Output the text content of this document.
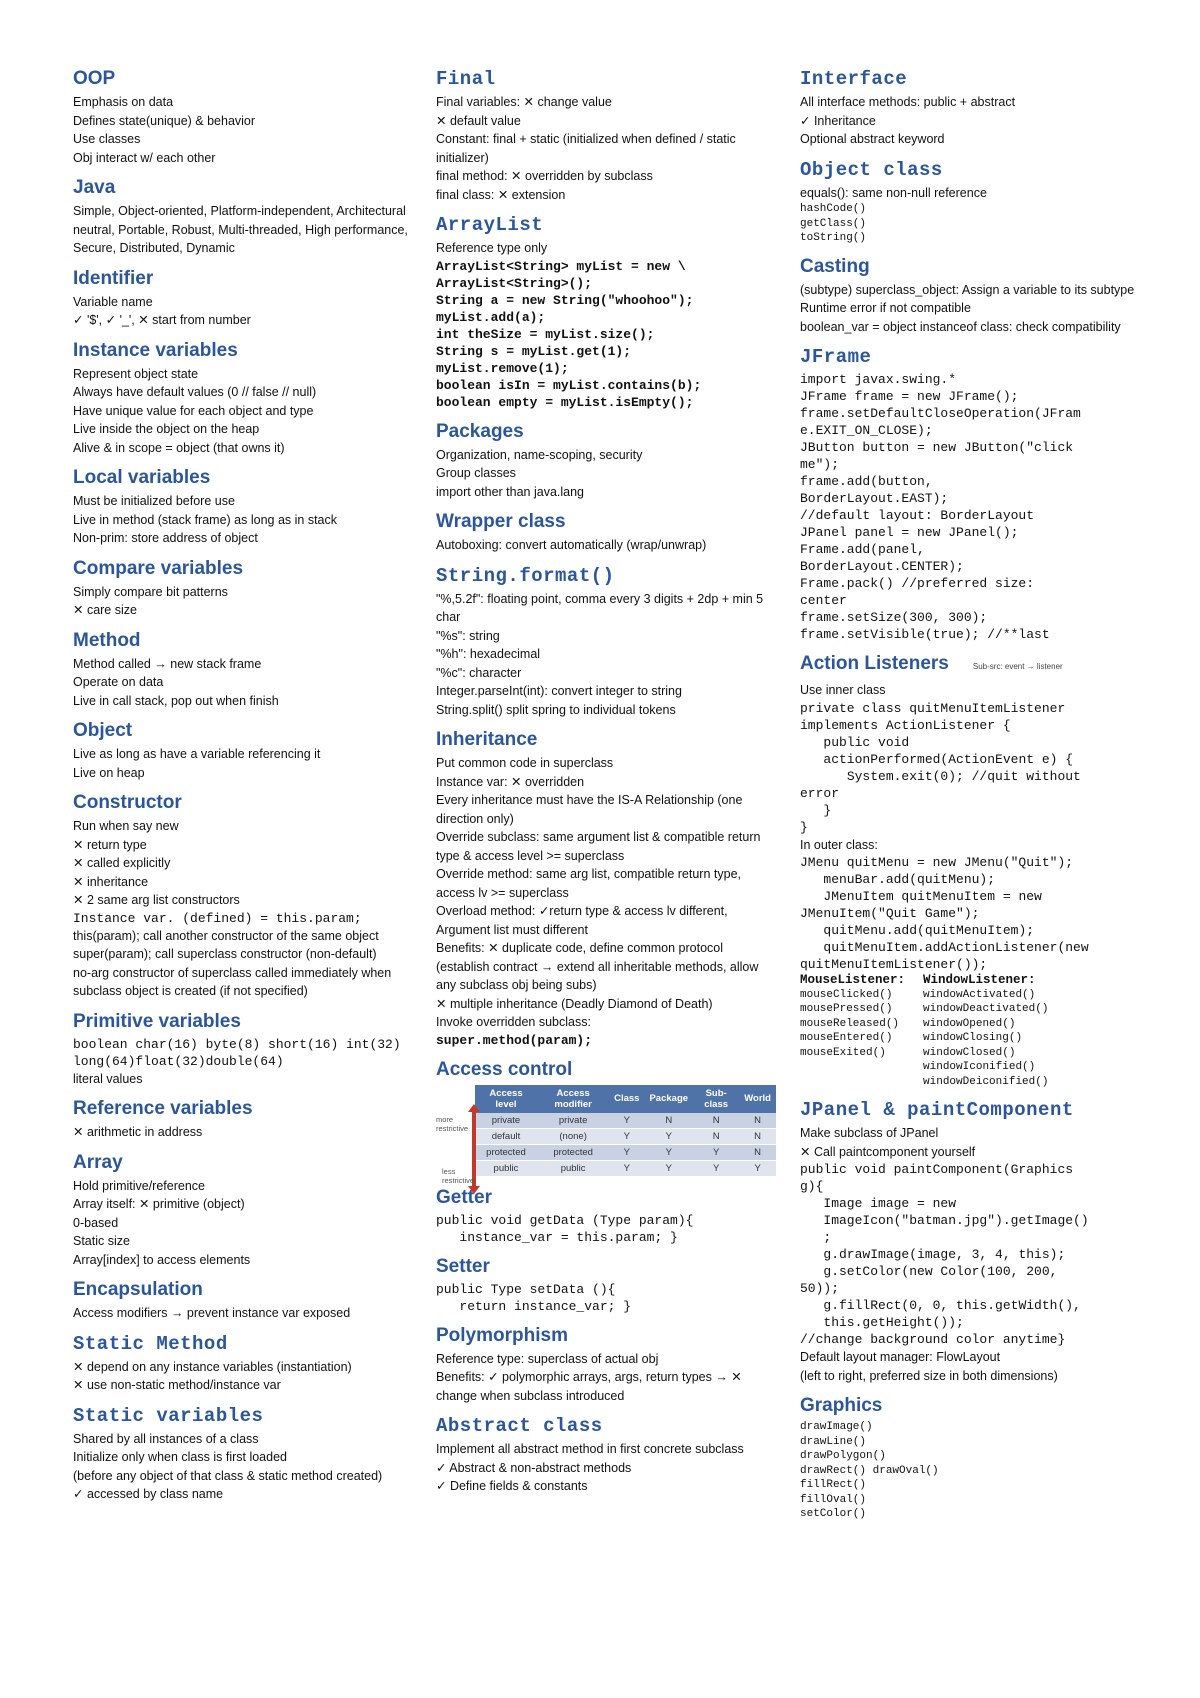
OOP
Emphasis on data
Defines state(unique) & behavior
Use classes
Obj interact w/ each other
Java
Simple, Object-oriented, Platform-independent, Architectural neutral, Portable, Robust, Multi-threaded, High performance, Secure, Distributed, Dynamic
Identifier
Variable name
✓ '$', ✓ '_', ✕ start from number
Instance variables
Represent object state
Always have default values (0 // false // null)
Have unique value for each object and type
Live inside the object on the heap
Alive & in scope = object (that owns it)
Local variables
Must be initialized before use
Live in method (stack frame) as long as in stack
Non-prim: store address of object
Compare variables
Simply compare bit patterns
✕ care size
Method
Method called → new stack frame
Operate on data
Live in call stack, pop out when finish
Object
Live as long as have a variable referencing it
Live on heap
Constructor
Run when say new
✕ return type
✕ called explicitly
✕ inheritance
✕ 2 same arg list constructors
Instance var. (defined) = this.param;
this(param); call another constructor of the same object
super(param); call superclass constructor (non-default)
no-arg constructor of superclass called immediately when subclass object is created (if not specified)
Primitive variables
boolean char(16) byte(8) short(16) int(32)
long(64)float(32)double(64)
literal values
Reference variables
✕ arithmetic in address
Array
Hold primitive/reference
Array itself: ✕ primitive (object)
0-based
Static size
Array[index] to access elements
Encapsulation
Access modifiers → prevent instance var exposed
Static Method
✕ depend on any instance variables (instantiation)
✕ use non-static method/instance var
Static variables
Shared by all instances of a class
Initialize only when class is first loaded
(before any object of that class & static method created)
✓ accessed by class name
Final
Final variables: ✕ change value
✕ default value
Constant: final + static (initialized when defined / static initializer)
final method: ✕ overridden by subclass
final class: ✕ extension
ArrayList
Reference type only
ArrayList<String> myList = new \
ArrayList<String>();
String a = new String("whoohoo");
myList.add(a);
int theSize = myList.size();
String s = myList.get(1);
myList.remove(1);
boolean isIn = myList.contains(b);
boolean empty = myList.isEmpty();
Packages
Organization, name-scoping, security
Group classes
import other than java.lang
Wrapper class
Autoboxing: convert automatically (wrap/unwrap)
String.format()
"%,5.2f": floating point, comma every 3 digits + 2dp + min 5 char
"%s": string
"%h": hexadecimal
"%c": character
Integer.parseInt(int): convert integer to string
String.split() split spring to individual tokens
Inheritance
Put common code in superclass
Instance var: ✕ overridden
Every inheritance must have the IS-A Relationship (one direction only)
Override subclass: same argument list & compatible return type & access level >= superclass
Override method: same arg list, compatible return type, access lv >= superclass
Overload method: ✓return type & access lv different, Argument list must different
Benefits: ✕ duplicate code, define common protocol (establish contract → extend all inheritable methods, allow any subclass obj being subs)
✕ multiple inheritance (Deadly Diamond of Death)
Invoke overridden subclass:
super.method(param);
Access control
more restrictive
less restrictive
Access level	Access modifier	Class	Package	Sub-class	World
private	private	Y	N	N	N
default	(none)	Y	Y	N	N
protected	protected	Y	Y	Y	N
public	public	Y	Y	Y	Y
Getter
public void getData (Type param){
instance_var = this.param; }
Setter
public Type setData (){
return instance_var; }
Polymorphism
Reference type: superclass of actual obj
Benefits: ✓ polymorphic arrays, args, return types → ✕ change when subclass introduced
Abstract class
Implement all abstract method in first concrete subclass
✓ Abstract & non-abstract methods
✓ Define fields & constants
Interface
All interface methods: public + abstract
✓ Inheritance
Optional abstract keyword
Object class
equals(): same non-null reference
hashCode()
getClass()
toString()
Casting
(subtype) superclass_object: Assign a variable to its subtype
Runtime error if not compatible
boolean_var = object instanceof class: check compatibility
JFrame
import javax.swing.*
JFrame frame = new JFrame();
frame.setDefaultCloseOperation(JFram
e.EXIT_ON_CLOSE);
JButton button = new JButton("click
me");
frame.add(button,
BorderLayout.EAST);
//default layout: BorderLayout
JPanel panel = new JPanel();
Frame.add(panel,
BorderLayout.CENTER);
Frame.pack() //preferred size:
center
frame.setSize(300, 300);
frame.setVisible(true); //**last
Action Listeners	Sub-src: event → listener
Use inner class
private class quitMenuItemListener
implements ActionListener {
public void
actionPerformed(ActionEvent e) {
System.exit(0); //quit without
error
}
}
In outer class:
JMenu quitMenu = new JMenu("Quit");
menuBar.add(quitMenu);
JMenuItem quitMenuItem = new
JMenuItem("Quit Game");
quitMenu.add(quitMenuItem);
quitMenuItem.addActionListener(new
quitMenuItemListener());
MouseListener:
mouseClicked()
mousePressed()
mouseReleased()
mouseEntered()
mouseExited()
WindowListener:
windowActivated()
windowDeactivated()
windowOpened()
windowClosing()
windowClosed()
windowIconified()
windowDeiconified()
JPanel & paintComponent
Make subclass of JPanel
✕ Call paintcomponent yourself
public void paintComponent(Graphics
g){
Image image = new
ImageIcon("batman.jpg").getImage()
;
g.drawImage(image, 3, 4, this);
g.setColor(new Color(100, 200,
50));
g.fillRect(0, 0, this.getWidth(),
this.getHeight());
//change background color anytime}
Default layout manager: FlowLayout
(left to right, preferred size in both dimensions)
Graphics
drawImage()
drawLine()
drawPolygon()
drawRect() drawOval()
fillRect()
fillOval()
setColor()
